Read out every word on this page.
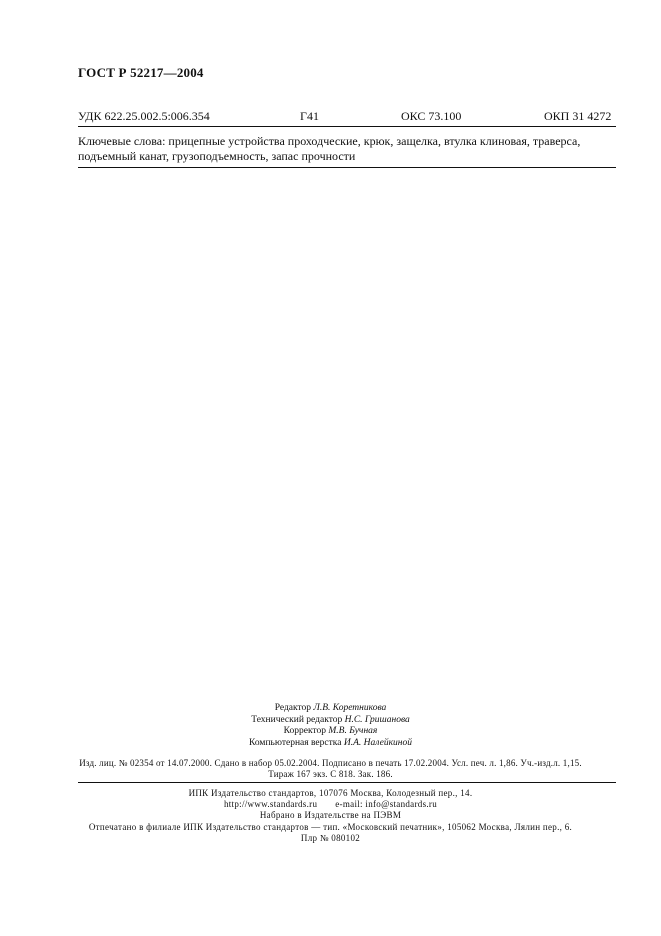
ГОСТ Р 52217—2004
УДК 622.25.002.5:006.354	Г41	ОКС 73.100	ОКП 31 4272
Ключевые слова: прицепные устройства проходческие, крюк, защелка, втулка клиновая, траверса, подъемный канат, грузоподъемность, запас прочности
Редактор Л.В. Коретникова
Технический редактор Н.С. Гришанова
Корректор М.В. Бучная
Компьютерная верстка И.А. Налейкиной
Изд. лиц. № 02354 от 14.07.2000. Сдано в набор 05.02.2004. Подписано в печать 17.02.2004. Усл. печ. л. 1,86. Уч.-изд.л. 1,15.
Тираж 167 экз. С 818. Зак. 186.
ИПК Издательство стандартов, 107076 Москва, Колодезный пер., 14.
http://www.standards.ru e-mail: info@standards.ru
Набрано в Издательстве на ПЭВМ
Отпечатано в филиале ИПК Издательство стандартов — тип. «Московский печатник», 105062 Москва, Лялин пер., 6.
Плр № 080102
